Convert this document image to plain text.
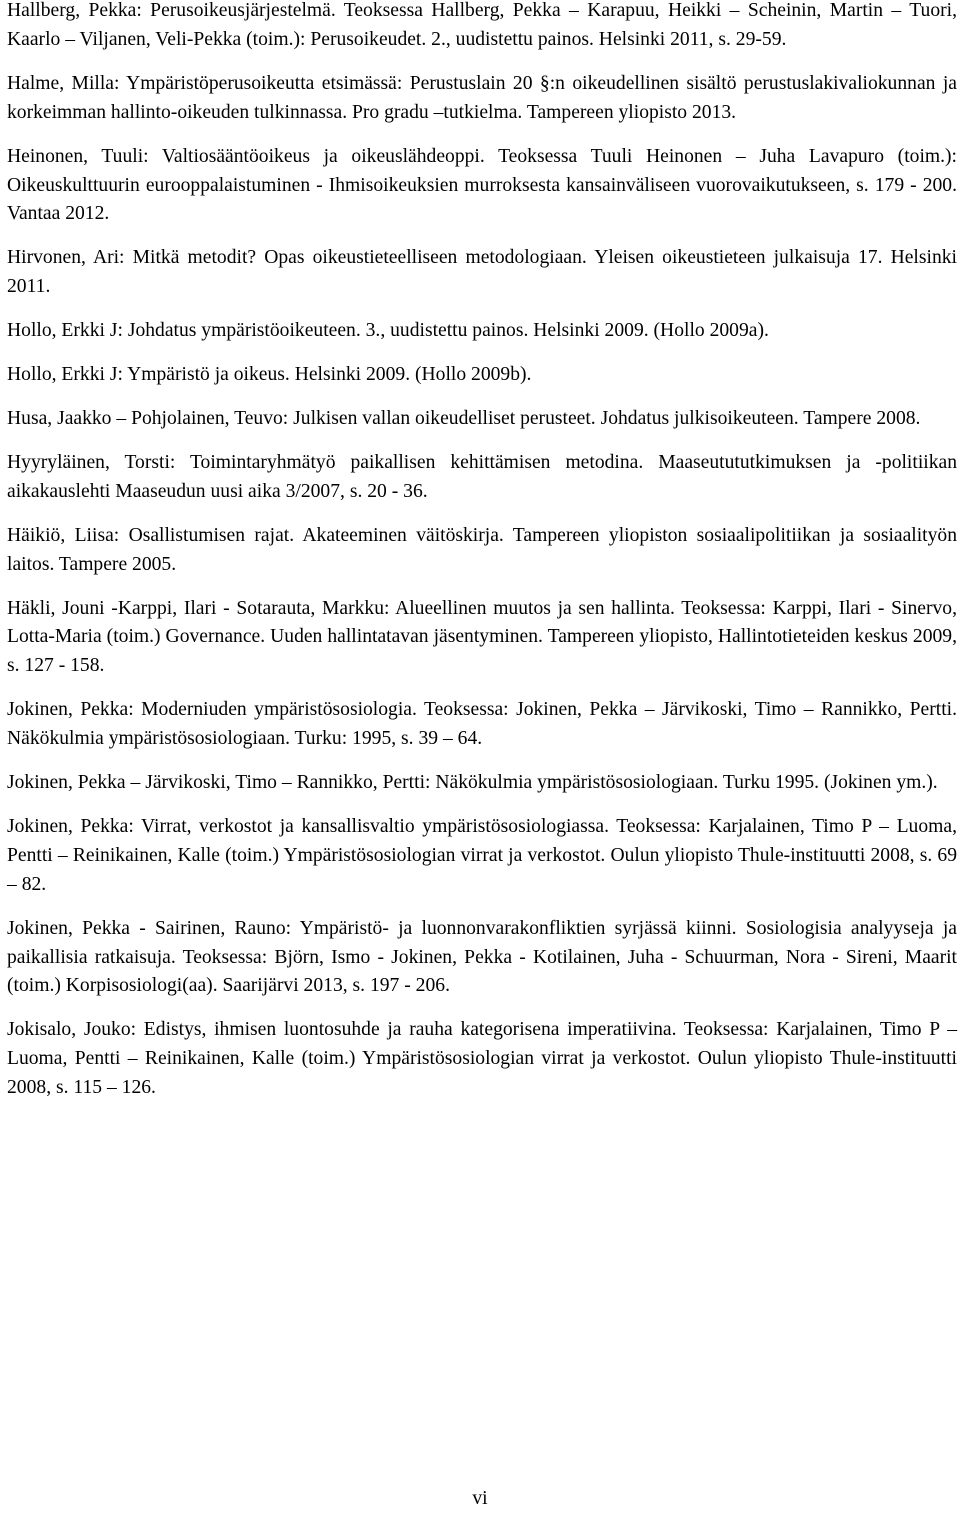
Hallberg, Pekka: Perusoikeusjärjestelmä. Teoksessa Hallberg, Pekka – Karapuu, Heikki – Scheinin, Martin – Tuori, Kaarlo – Viljanen, Veli-Pekka (toim.): Perusoikeudet. 2., uudistettu painos. Helsinki 2011, s. 29-59.

Halme, Milla: Ympäristöperusoikeutta etsimässä: Perustuslain 20 §:n oikeudellinen sisältö perustuslakivaliokunnan ja korkeimman hallinto-oikeuden tulkinnassa. Pro gradu –tutkielma. Tampereen yliopisto 2013.

Heinonen, Tuuli: Valtiosääntöoikeus ja oikeuslähdeoppi. Teoksessa Tuuli Heinonen – Juha Lavapuro (toim.): Oikeuskulttuurin eurooppalaistuminen - Ihmisoikeuksien murroksesta kansainväliseen vuorovaikutukseen, s. 179 - 200. Vantaa 2012.

Hirvonen, Ari: Mitkä metodit? Opas oikeustieteelliseen metodologiaan. Yleisen oikeustieteen julkaisuja 17. Helsinki 2011.

Hollo, Erkki J: Johdatus ympäristöoikeuteen. 3., uudistettu painos. Helsinki 2009. (Hollo 2009a).

Hollo, Erkki J: Ympäristö ja oikeus. Helsinki 2009. (Hollo 2009b).

Husa, Jaakko – Pohjolainen, Teuvo: Julkisen vallan oikeudelliset perusteet. Johdatus julkisoikeuteen. Tampere 2008.

Hyyryläinen, Torsti: Toimintaryhmätyö paikallisen kehittämisen metodina. Maaseutututkimuksen ja -politiikan aikakauslehti Maaseudun uusi aika 3/2007, s. 20 - 36.

Häikiö, Liisa: Osallistumisen rajat. Akateeminen väitöskirja. Tampereen yliopiston sosiaalipolitiikan ja sosiaalityön laitos. Tampere 2005.

Häkli, Jouni -Karppi, Ilari - Sotarauta, Markku: Alueellinen muutos ja sen hallinta. Teoksessa: Karppi, Ilari - Sinervo, Lotta-Maria (toim.) Governance. Uuden hallintatavan jäsentyminen. Tampereen yliopisto, Hallintotieteiden keskus 2009, s. 127 - 158.

Jokinen, Pekka: Moderniuden ympäristösosiologia. Teoksessa: Jokinen, Pekka – Järvikoski, Timo – Rannikko, Pertti. Näkökulmia ympäristösosiologiaan. Turku: 1995, s. 39 – 64.

Jokinen, Pekka – Järvikoski, Timo – Rannikko, Pertti: Näkökulmia ympäristösosiologiaan. Turku 1995. (Jokinen ym.).

Jokinen, Pekka: Virrat, verkostot ja kansallisvaltio ympäristösosiologiassa. Teoksessa: Karjalainen, Timo P – Luoma, Pentti – Reinikainen, Kalle (toim.) Ympäristösosiologian virrat ja verkostot. Oulun yliopisto Thule-instituutti 2008, s. 69 – 82.

Jokinen, Pekka - Sairinen, Rauno: Ympäristö- ja luonnonvarakonfliktien syrjässä kiinni. Sosiologisia analyyseja ja paikallisia ratkaisuja. Teoksessa: Björn, Ismo - Jokinen, Pekka - Kotilainen, Juha - Schuurman, Nora - Sireni, Maarit (toim.) Korpisosiologi(aa). Saarijärvi 2013, s. 197 - 206.

Jokisalo, Jouko: Edistys, ihmisen luontosuhde ja rauha kategorisena imperatiivina. Teoksessa: Karjalainen, Timo P – Luoma, Pentti – Reinikainen, Kalle (toim.) Ympäristösosiologian virrat ja verkostot. Oulun yliopisto Thule-instituutti 2008, s. 115 – 126.

vi
